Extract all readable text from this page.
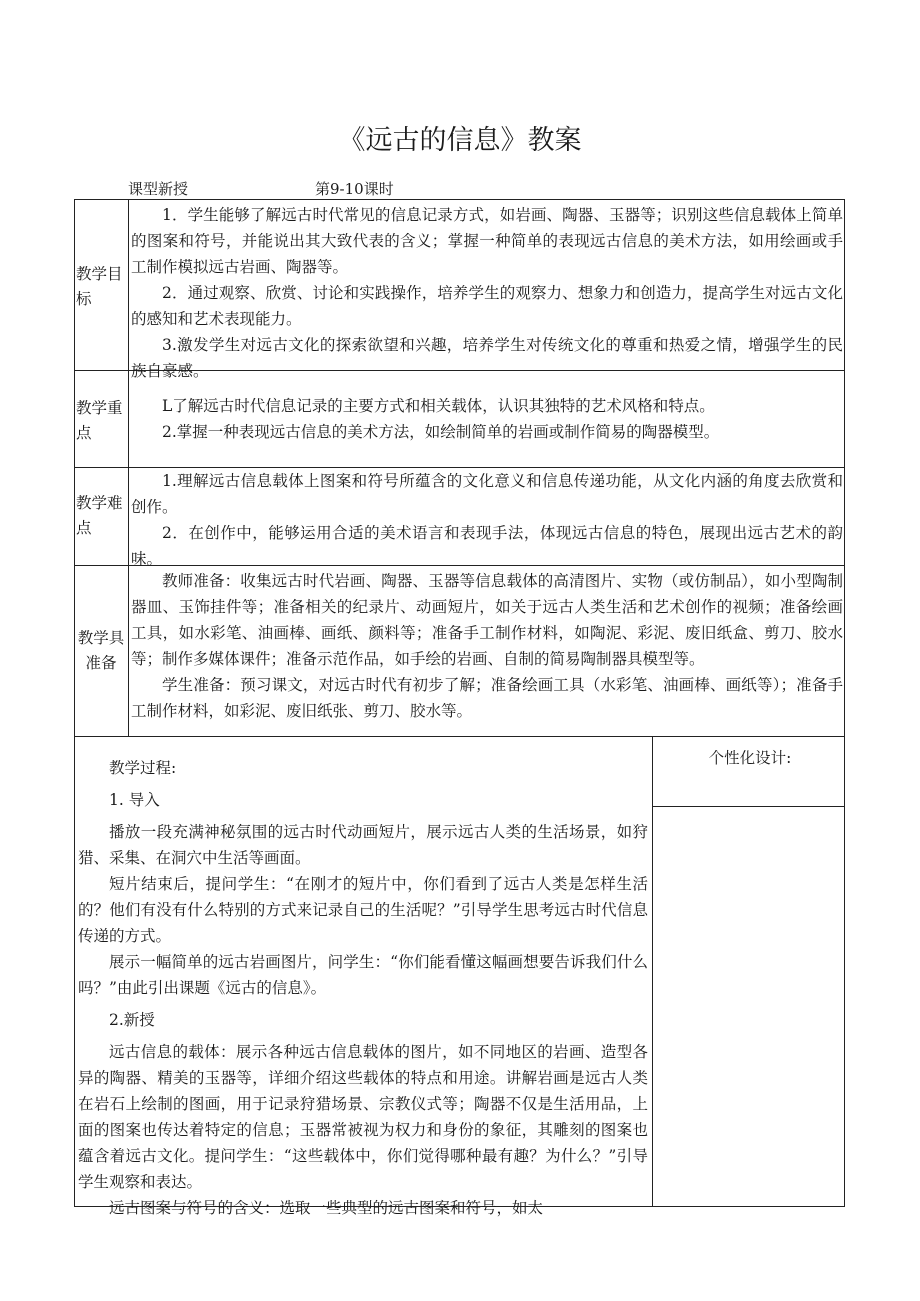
《远古的信息》教案
课型新授	第9-10课时
教学目标

1．学生能够了解远古时代常见的信息记录方式，如岩画、陶器、玉器等；识别这些信息载体上简单的图案和符号，并能说出其大致代表的含义；掌握一种简单的表现远古信息的美术方法，如用绘画或手工制作模拟远古岩画、陶器等。

2．通过观察、欣赏、讨论和实践操作，培养学生的观察力、想象力和创造力，提高学生对远古文化的感知和艺术表现能力。

3.激发学生对远古文化的探索欲望和兴趣，培养学生对传统文化的尊重和热爱之情，增强学生的民族自豪感。

教学重点

L了解远古时代信息记录的主要方式和相关载体，认识其独特的艺术风格和特点。

2.掌握一种表现远古信息的美术方法，如绘制简单的岩画或制作简易的陶器模型。

教学难点

1.理解远古信息载体上图案和符号所蕴含的文化意义和信息传递功能，从文化内涵的角度去欣赏和创作。

2．在创作中，能够运用合适的美术语言和表现手法，体现远古信息的特色，展现出远古艺术的韵味。

教学具准备

教师准备：收集远古时代岩画、陶器、玉器等信息载体的高清图片、实物（或仿制品），如小型陶制器皿、玉饰挂件等；准备相关的纪录片、动画短片，如关于远古人类生活和艺术创作的视频；准备绘画工具，如水彩笔、油画棒、画纸、颜料等；准备手工制作材料，如陶泥、彩泥、废旧纸盒、剪刀、胶水等；制作多媒体课件；准备示范作品，如手绘的岩画、自制的简易陶制器具模型等。

学生准备：预习课文，对远古时代有初步了解；准备绘画工具（水彩笔、油画棒、画纸等）；准备手工制作材料，如彩泥、废旧纸张、剪刀、胶水等。

个性化设计:

教学过程:

1. 导入

播放一段充满神秘氛围的远古时代动画短片，展示远古人类的生活场景，如狩猎、采集、在洞穴中生活等画面。

短片结束后，提问学生：“在刚才的短片中，你们看到了远古人类是怎样生活的？他们有没有什么特别的方式来记录自己的生活呢？”引导学生思考远古时代信息传递的方式。

展示一幅简单的远古岩画图片，问学生：“你们能看懂这幅画想要告诉我们什么吗？”由此引出课题《远古的信息》。

2.新授

远古信息的载体：展示各种远古信息载体的图片，如不同地区的岩画、造型各异的陶器、精美的玉器等，详细介绍这些载体的特点和用途。讲解岩画是远古人类在岩石上绘制的图画，用于记录狩猎场景、宗教仪式等；陶器不仅是生活用品，上面的图案也传达着特定的信息；玉器常被视为权力和身份的象征，其雕刻的图案也蕴含着远古文化。提问学生：“这些载体中，你们觉得哪种最有趣？为什么？”引导学生观察和表达。

远古图案与符号的含义：选取一些典型的远古图案和符号，如太
